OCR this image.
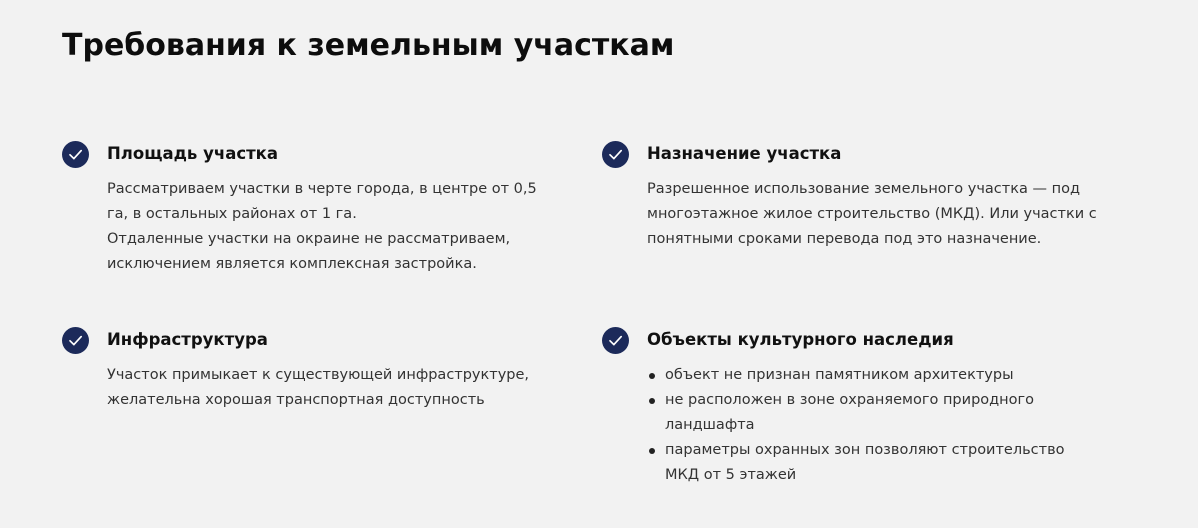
Требования к земельным участкам
Площадь участка

Рассматриваем участки в черте города, в центре от 0,5 га, в остальных районах от 1 га.

Отдаленные участки на окраине не рассматриваем, исключением является комплексная застройка.

Назначение участка

Разрешенное использование земельного участка — под многоэтажное жилое строительство (МКД). Или участки с понятными сроками перевода под это назначение.

Инфраструктура

Участок примыкает к существующей инфраструктуре, желательна хорошая транспортная доступность

Объекты культурного наследия
объект не признан памятником архитектуры
не расположен в зоне охраняемого природного ландшафта
параметры охранных зон позволяют строительство МКД от 5 этажей
